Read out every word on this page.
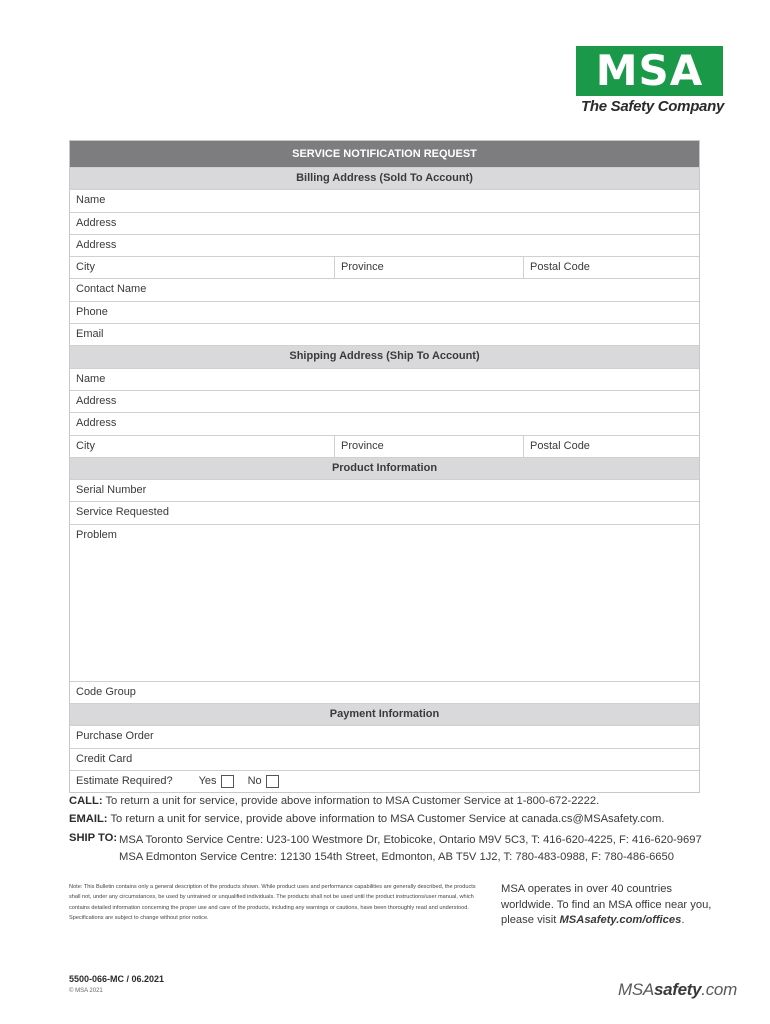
MSA
The Safety Company
SERVICE NOTIFICATION REQUEST
Billing Address (Sold To Account)
Name
Address
Address
City	Province	Postal Code
Contact Name
Phone
Email
Shipping Address (Ship To Account)
Name
Address
Address
City	Province	Postal Code
Product Information
Serial Number
Service Requested
Problem
Code Group
Payment Information
Purchase Order
Credit Card
Estimate Required? Yes	No
CALL: To return a unit for service, provide above information to MSA Customer Service at 1-800-672-2222.
EMAIL: To return a unit for service, provide above information to MSA Customer Service at canada.cs@MSAsafety.com.
SHIP TO: MSA Toronto Service Centre: U23-100 Westmore Dr, Etobicoke, Ontario M9V 5C3, T: 416-620-4225, F: 416-620-9697
MSA Edmonton Service Centre: 12130 154th Street, Edmonton, AB T5V 1J2, T: 780-483-0988, F: 780-486-6650
Note: This Bulletin contains only a general description of the products shown. While product uses and performance capabilities are generally described, the products shall not, under any circumstances, be used by untrained or unqualified individuals. The products shall not be used until the product instructions/user manual, which contains detailed information concerning the proper use and care of the products, including any warnings or cautions, have been thoroughly read and understood. Specifications are subject to change without prior notice.
MSA operates in over 40 countries worldwide. To find an MSA office near you, please visit MSAsafety.com/offices.
5500-066-MC / 06.2021
© MSA 2021	MSAsafety.com
